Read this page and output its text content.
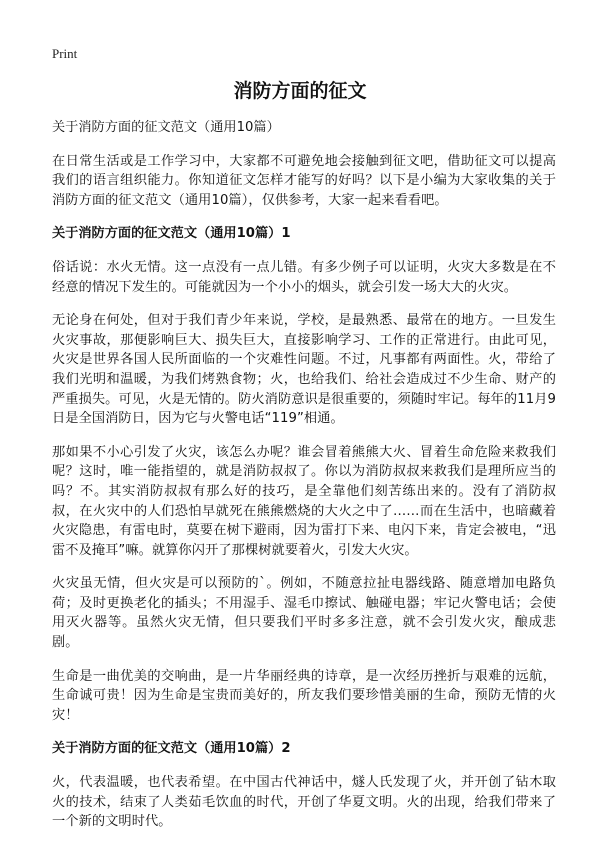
Print
消防方面的征文

关于消防方面的征文范文（通用10篇）

在日常生活或是工作学习中，大家都不可避免地会接触到征文吧，借助征文可以提高我们的语言组织能力。你知道征文怎样才能写的好吗？以下是小编为大家收集的关于消防方面的征文范文（通用10篇），仅供参考，大家一起来看看吧。

关于消防方面的征文范文（通用10篇）1

俗话说：水火无情。这一点没有一点儿错。有多少例子可以证明，火灾大多数是在不经意的情况下发生的。可能就因为一个小小的烟头，就会引发一场大大的火灾。

无论身在何处，但对于我们青少年来说，学校，是最熟悉、最常在的地方。一旦发生火灾事故，那便影响巨大、损失巨大，直接影响学习、工作的正常进行。由此可见，火灾是世界各国人民所面临的一个灾难性问题。不过，凡事都有两面性。火，带给了我们光明和温暖，为我们烤熟食物；火，也给我们、给社会造成过不少生命、财产的严重损失。可见，火是无情的。防火消防意识是很重要的，须随时牢记。每年的11月9日是全国消防日，因为它与火警电话“119”相通。

那如果不小心引发了火灾，该怎么办呢？谁会冒着熊熊大火、冒着生命危险来救我们呢？这时，唯一能指望的，就是消防叔叔了。你以为消防叔叔来救我们是理所应当的吗？不。其实消防叔叔有那么好的技巧，是全靠他们刻苦练出来的。没有了消防叔叔，在火灾中的人们恐怕早就死在熊熊燃烧的大火之中了……而在生活中，也暗藏着火灾隐患，有雷电时，莫要在树下避雨，因为雷打下来、电闪下来，肯定会被电，“迅雷不及掩耳”嘛。就算你闪开了那棵树就要着火，引发大火灾。

火灾虽无情，但火灾是可以预防的`。例如，不随意拉扯电器线路、随意增加电路负荷；及时更换老化的插头；不用湿手、湿毛巾擦试、触碰电器；牢记火警电话；会使用灭火器等。虽然火灾无情，但只要我们平时多多注意，就不会引发火灾，酿成悲剧。

生命是一曲优美的交响曲，是一片华丽经典的诗章，是一次经历挫折与艰难的远航，生命诚可贵！因为生命是宝贵而美好的，所友我们要珍惜美丽的生命，预防无情的火灾！

关于消防方面的征文范文（通用10篇）2

火，代表温暖，也代表希望。在中国古代神话中，燧人氏发现了火，并开创了钻木取火的技术，结束了人类茹毛饮血的时代，开创了华夏文明。火的出现，给我们带来了一个新的文明时代。
